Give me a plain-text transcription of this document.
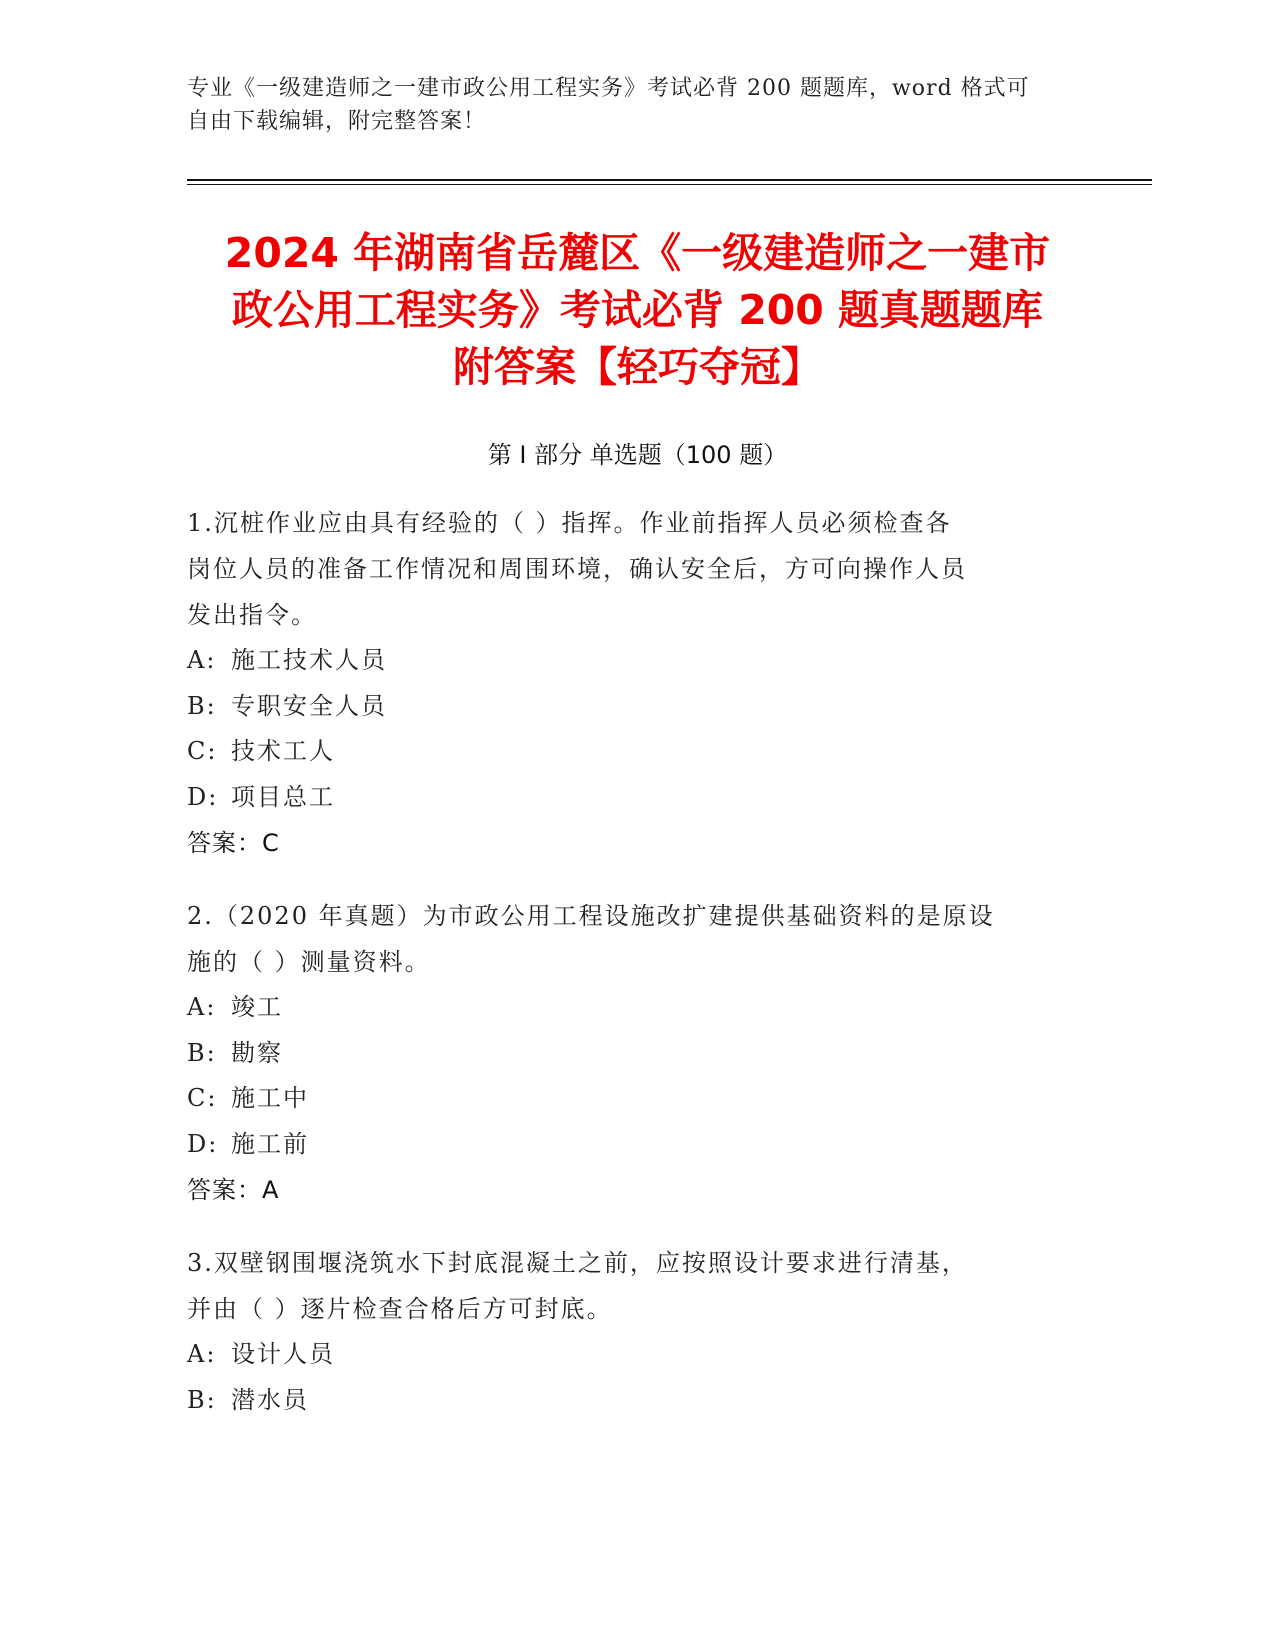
专业《一级建造师之一建市政公用工程实务》考试必背 200 题题库，word 格式可

自由下载编辑，附完整答案！

2024 年湖南省岳麓区《一级建造师之一建市

政公用工程实务》考试必背 200 题真题题库

附答案【轻巧夺冠】

第 I 部分 单选题（100 题）

1.沉桩作业应由具有经验的（ ）指挥。作业前指挥人员必须检查各

岗位人员的准备工作情况和周围环境，确认安全后，方可向操作人员

发出指令。

A: 施工技术人员

B: 专职安全人员

C: 技术工人

D: 项目总工

答案：C

2.（2020 年真题）为市政公用工程设施改扩建提供基础资料的是原设

施的（ ）测量资料。

A: 竣工

B: 勘察

C: 施工中

D: 施工前

答案：A

3.双壁钢围堰浇筑水下封底混凝土之前，应按照设计要求进行清基，

并由（ ）逐片检查合格后方可封底。

A: 设计人员

B: 潜水员
